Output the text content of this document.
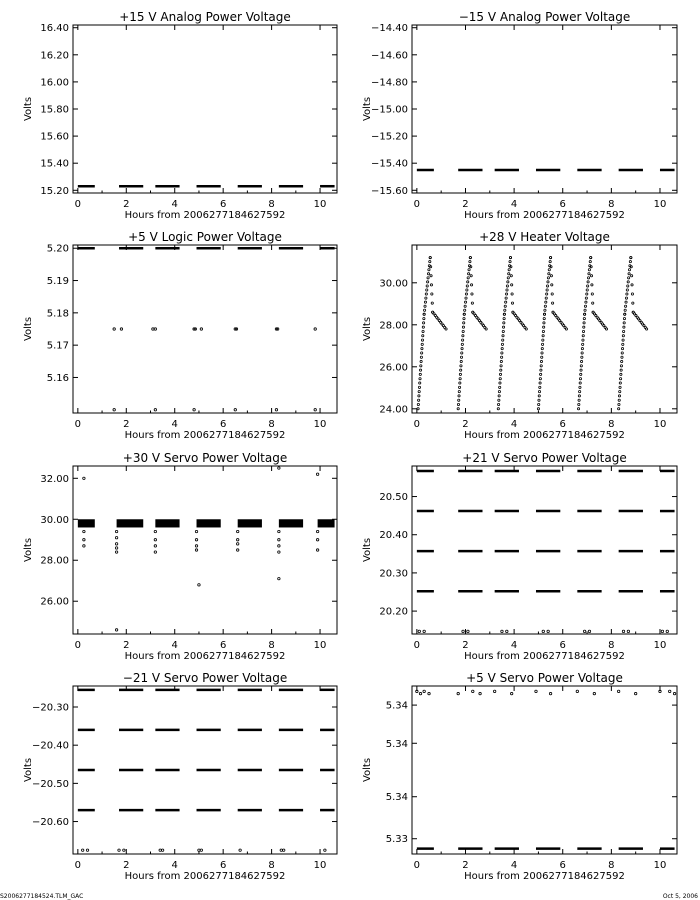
+15 V Analog Power Voltage
0	2	4	6	8	10
Hours from 2006277184627592
15.20
15.40
15.60
15.80
16.00
16.20
16.40
Volts
−15 V Analog Power Voltage
0	2	4	6	8	10
Hours from 2006277184627592
−14.40
−14.60
−14.80
−15.00
−15.20
−15.40
−15.60
Volts
+5 V Logic Power Voltage
0	2	4	6	8	10
Hours from 2006277184627592
5.16
5.17
5.18
5.19
5.20
Volts
+28 V Heater Voltage
0	2	4	6	8	10
Hours from 2006277184627592
24.00
26.00
28.00
30.00
Volts
+30 V Servo Power Voltage
0	2	4	6	8	10
Hours from 2006277184627592
26.00
28.00
30.00
32.00
Volts
+21 V Servo Power Voltage
0	2	4	6	8	10
Hours from 2006277184627592
20.20
20.30
20.40
20.50
Volts
−21 V Servo Power Voltage
0	2	4	6	8	10
Hours from 2006277184627592
−20.30
−20.40
−20.50
−20.60
Volts
+5 V Servo Power Voltage
0	2	4	6	8	10
Hours from 2006277184627592
5.33
5.34
5.34
5.34
Volts
S2006277184524.TLM_GAC	Oct 5, 2006
